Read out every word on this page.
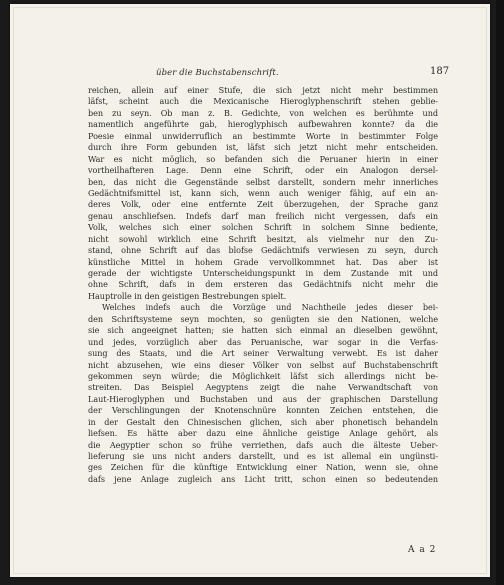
über die Buchstabenschrift.	187
reichen, allein auf einer Stufe, die sich jetzt nicht mehr bestimmen
läfst, scheint auch die Mexicanische Hieroglyphenschrift stehen geblie-
ben zu seyn. Ob man z. B. Gedichte, von welchen es berühmte und
namentlich angeführte gab, hieroglyphisch aufbewahren konnte? da die
Poesie einmal unwiderruflich an bestimmte Worte in bestimmter Folge
durch ihre Form gebunden ist, läfst sich jetzt nicht mehr entscheiden.
War es nicht möglich, so befanden sich die Peruaner hierin in einer
vortheilhafteren Lage. Denn eine Schrift, oder ein Analogon dersel-
ben, das nicht die Gegenstände selbst darstellt, sondern mehr innerliches
Gedächtnifsmittel ist, kann sich, wenn auch weniger fähig, auf ein an-
deres Volk, oder eine entfernte Zeit überzugehen, der Sprache ganz
genau anschliefsen. Indefs darf man freilich nicht vergessen, dafs ein
Volk, welches sich einer solchen Schrift in solchem Sinne bediente,
nicht sowohl wirklich eine Schrift besitzt, als vielmehr nur den Zu-
stand, ohne Schrift auf das blofse Gedächtnifs verwiesen zu seyn, durch
künstliche Mittel in hohem Grade vervollkommnet hat. Das aber ist
gerade der wichtigste Unterscheidungspunkt in dem Zustande mit und
ohne Schrift, dafs in dem ersteren das Gedächtnifs nicht mehr die
Hauptrolle in den geistigen Bestrebungen spielt.
Welches indefs auch die Vorzüge und Nachtheile jedes dieser bei-
den Schriftsysteme seyn mochten, so genügten sie den Nationen, welche
sie sich angeeignet hatten; sie hatten sich einmal an dieselben gewöhnt,
und jedes, vorzüglich aber das Peruanische, war sogar in die Verfas-
sung des Staats, und die Art seiner Verwaltung verwebt. Es ist daher
nicht abzusehen, wie eins dieser Völker von selbst auf Buchstabenschrift
gekommen seyn würde; die Möglichkeit läfst sich allerdings nicht be-
streiten. Das Beispiel Aegyptens zeigt die nahe Verwandtschaft von
Laut-Hieroglyphen und Buchstaben und aus der graphischen Darstellung
der Verschlingungen der Knotenschnüre konnten Zeichen entstehen, die
in der Gestalt den Chinesischen glichen, sich aber phonetisch behandeln
liefsen. Es hätte aber dazu eine ähnliche geistige Anlage gehört, als
die Aegyptier schon so frühe verriethen, dafs auch die älteste Ueber-
lieferung sie uns nicht anders darstellt, und es ist allemal ein ungünsti-
ges Zeichen für die künftige Entwicklung einer Nation, wenn sie, ohne
dafs jene Anlage zugleich ans Licht tritt, schon einen so bedeutenden
A a 2
